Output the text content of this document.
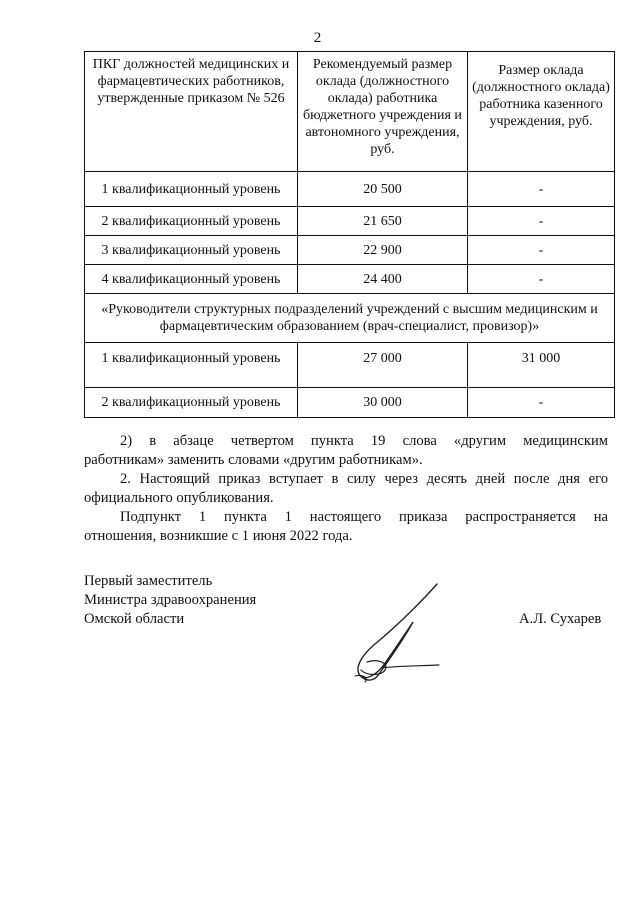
2
ПКГ должностей медицинских и фармацевтических работников, утвержденные приказом № 526	Рекомендуемый размер оклада (должностного оклада) работника бюджетного учреждения и автономного учреждения, руб.	Размер оклада (должностного оклада) работника казенного учреждения, руб.
1 квалификационный уровень	20 500	-
2 квалификационный уровень	21 650	-
3 квалификационный уровень	22 900	-
4 квалификационный уровень	24 400	-
«Руководители структурных подразделений учреждений с высшим медицинским и фармацевтическим образованием (врач-специалист, провизор)»		
1 квалификационный уровень	27 000	31 000
2 квалификационный уровень	30 000	-
2) в абзаце четвертом пункта 19 слова «другим медицинским
работникам» заменить словами «другим работникам».
2. Настоящий приказ вступает в силу через десять дней после дня его
официального опубликования.
Подпункт 1 пункта 1 настоящего приказа распространяется на
отношения, возникшие с 1 июня 2022 года.
Первый заместитель
Министра здравоохранения
Омской области	А.Л. Сухарев
